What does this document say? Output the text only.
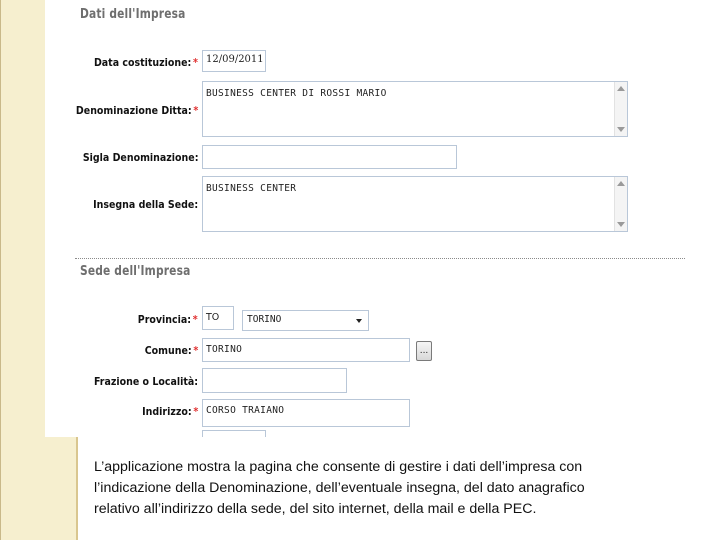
Dati dell'Impresa
Data costituzione: * 12/09/2011
Denominazione Ditta: *
BUSINESS CENTER DI ROSSI MARIO
Sigla Denominazione:
Insegna della Sede:
BUSINESS CENTER
Sede dell'Impresa
Provincia: * TO	TORINO
Comune: * TORINO	...
Frazione o Località:
Indirizzo: * CORSO TRAIANO
L’applicazione mostra la pagina che consente di gestire i dati dell’impresa con
l’indicazione della Denominazione, dell’eventuale insegna, del dato anagrafico
relativo all’indirizzo della sede, del sito internet, della mail e della PEC.
